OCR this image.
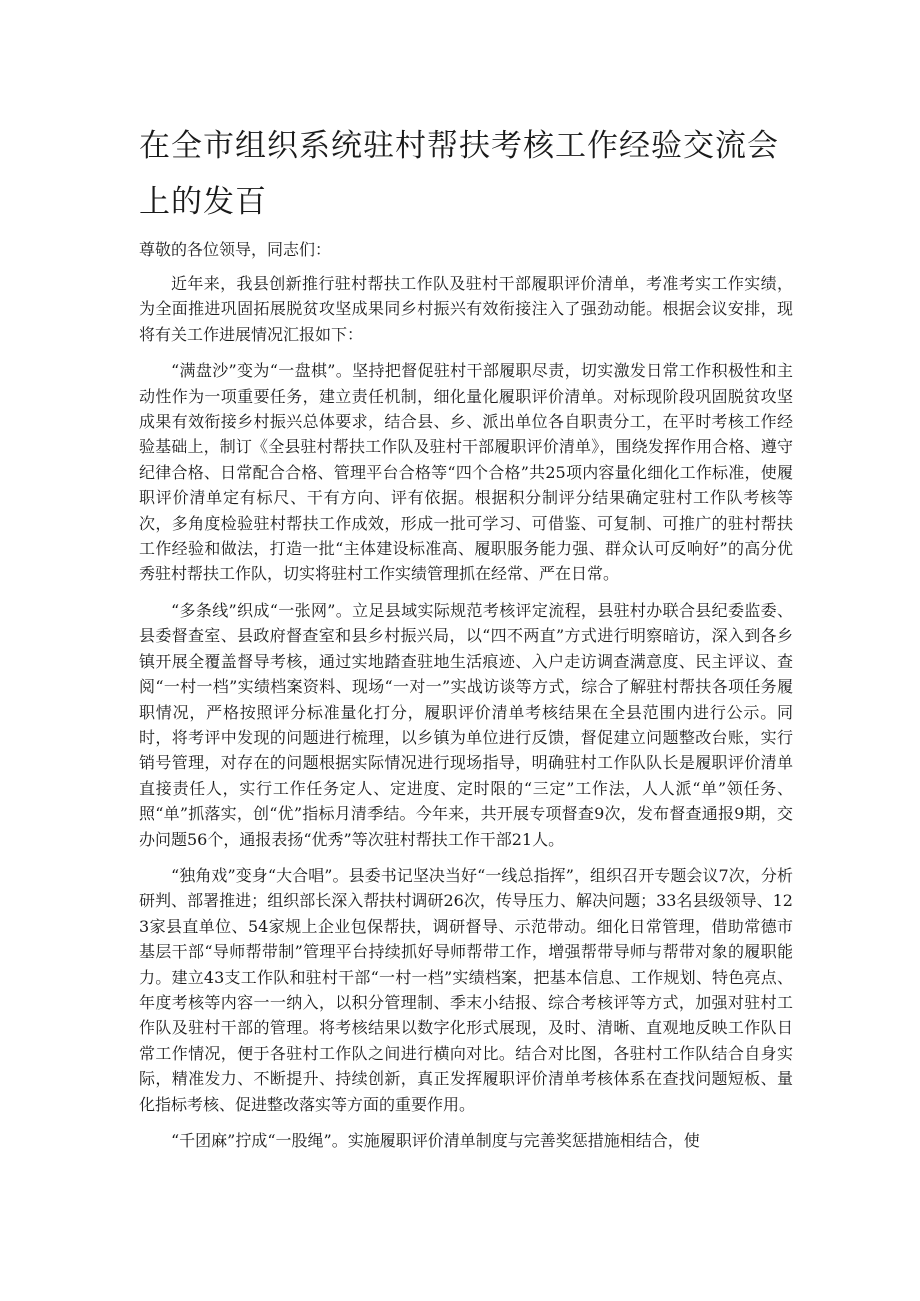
在全市组织系统驻村帮扶考核工作经验交流会上的发百

尊敬的各位领导，同志们：

近年来，我县创新推行驻村帮扶工作队及驻村干部履职评价清单，考准考实工作实绩，为全面推进巩固拓展脱贫攻坚成果同乡村振兴有效衔接注入了强劲动能。根据会议安排，现将有关工作进展情况汇报如下：

“满盘沙”变为“一盘棋”。坚持把督促驻村干部履职尽责，切实激发日常工作积极性和主动性作为一项重要任务，建立责任机制，细化量化履职评价清单。对标现阶段巩固脱贫攻坚成果有效衔接乡村振兴总体要求，结合县、乡、派出单位各自职责分工，在平时考核工作经验基础上，制订《全县驻村帮扶工作队及驻村干部履职评价清单》，围绕发挥作用合格、遵守纪律合格、日常配合合格、管理平台合格等“四个合格”共25项内容量化细化工作标准，使履职评价清单定有标尺、干有方向、评有依据。根据积分制评分结果确定驻村工作队考核等次，多角度检验驻村帮扶工作成效，形成一批可学习、可借鉴、可复制、可推广的驻村帮扶工作经验和做法，打造一批“主体建设标准高、履职服务能力强、群众认可反响好”的高分优秀驻村帮扶工作队，切实将驻村工作实绩管理抓在经常、严在日常。

“多条线”织成“一张网”。立足县域实际规范考核评定流程，县驻村办联合县纪委监委、县委督查室、县政府督查室和县乡村振兴局，以“四不两直”方式进行明察暗访，深入到各乡镇开展全覆盖督导考核，通过实地踏查驻地生活痕迹、入户走访调查满意度、民主评议、查阅“一村一档”实绩档案资料、现场“一对一”实战访谈等方式，综合了解驻村帮扶各项任务履职情况，严格按照评分标准量化打分，履职评价清单考核结果在全县范围内进行公示。同时，将考评中发现的问题进行梳理，以乡镇为单位进行反馈，督促建立问题整改台账，实行销号管理，对存在的问题根据实际情况进行现场指导，明确驻村工作队队长是履职评价清单直接责任人，实行工作任务定人、定进度、定时限的“三定”工作法，人人派“单”领任务、照“单”抓落实，创“优”指标月清季结。今年来，共开展专项督查9次，发布督查通报9期，交办问题56个，通报表扬“优秀”等次驻村帮扶工作干部21人。

“独角戏”变身“大合唱”。县委书记坚决当好“一线总指挥”，组织召开专题会议7次，分析研判、部署推进；组织部长深入帮扶村调研26次，传导压力、解决问题；33名县级领导、123家县直单位、54家规上企业包保帮扶，调研督导、示范带动。细化日常管理，借助常德市基层干部“导师帮带制”管理平台持续抓好导师帮带工作，增强帮带导师与帮带对象的履职能力。建立43支工作队和驻村干部“一村一档”实绩档案，把基本信息、工作规划、特色亮点、年度考核等内容一一纳入，以积分管理制、季末小结报、综合考核评等方式，加强对驻村工作队及驻村干部的管理。将考核结果以数字化形式展现，及时、清晰、直观地反映工作队日常工作情况，便于各驻村工作队之间进行横向对比。结合对比图，各驻村工作队结合自身实际，精准发力、不断提升、持续创新，真正发挥履职评价清单考核体系在查找问题短板、量化指标考核、促进整改落实等方面的重要作用。

“千团麻”拧成“一股绳”。实施履职评价清单制度与完善奖惩措施相结合，使
